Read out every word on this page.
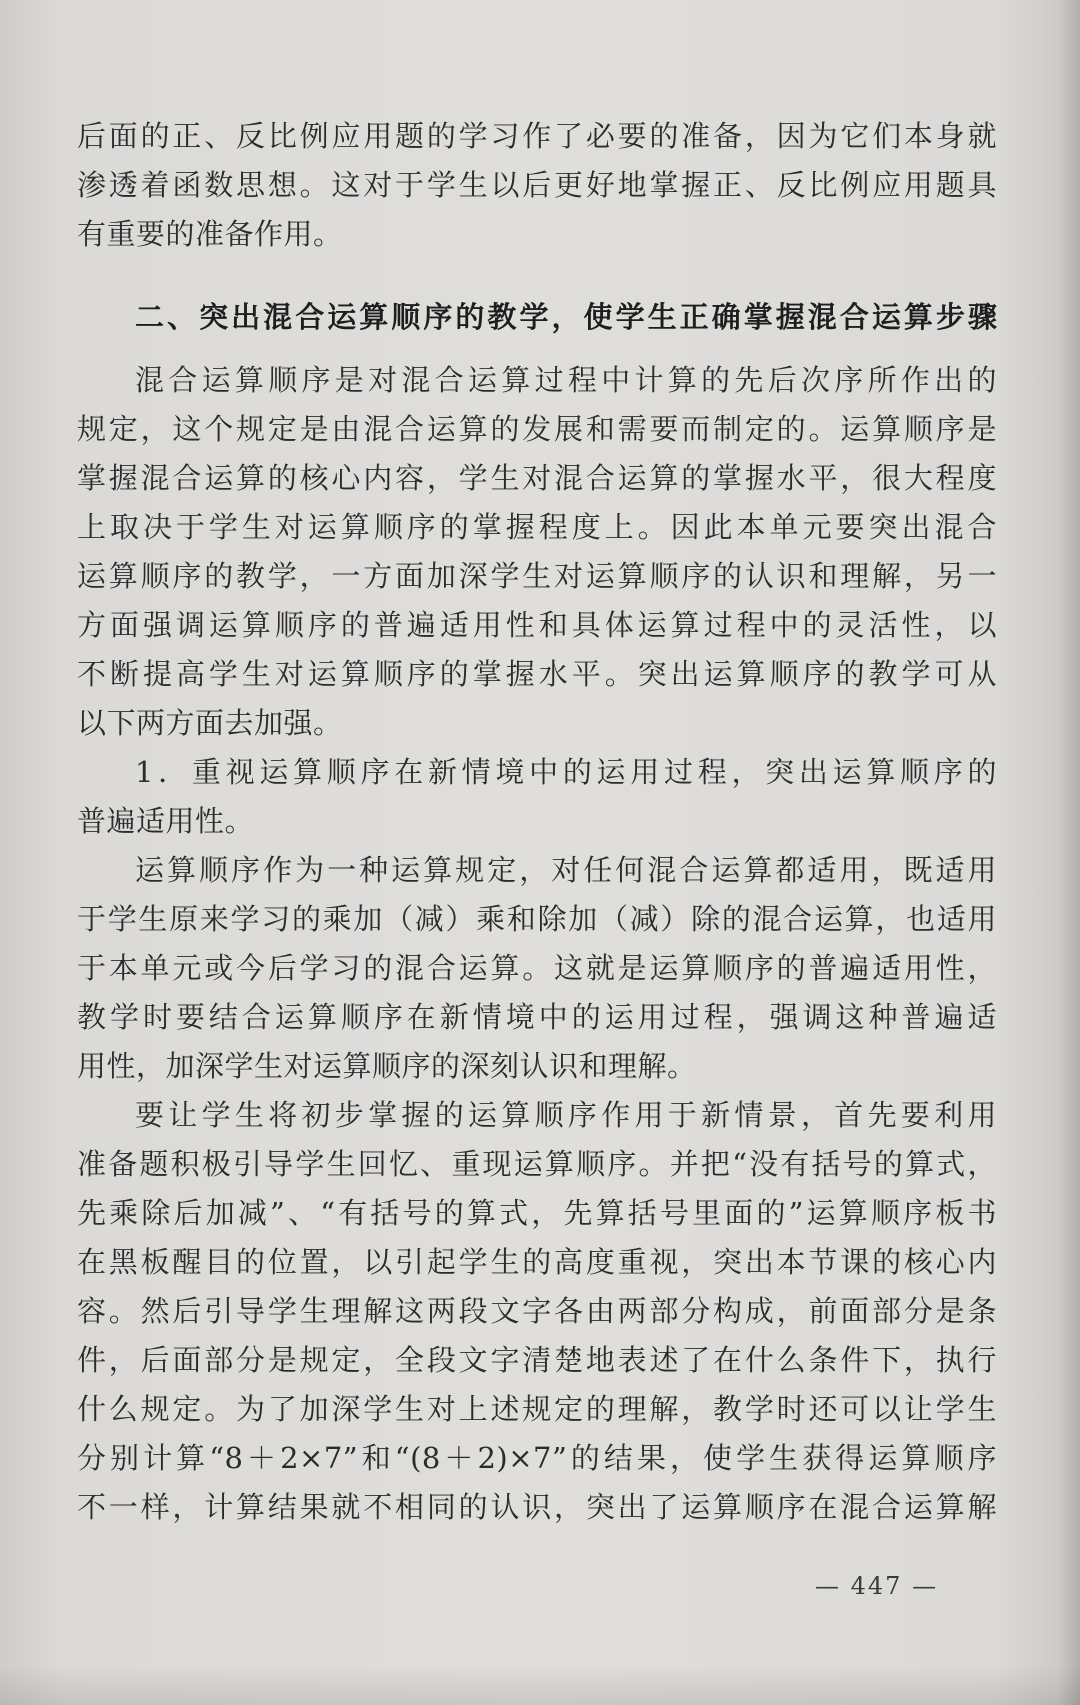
后面的正、反比例应用题的学习作了必要的准备，因为它们本身就
渗透着函数思想。这对于学生以后更好地掌握正、反比例应用题具
有重要的准备作用。
二、突出混合运算顺序的教学，使学生正确掌握混合运算步骤
混合运算顺序是对混合运算过程中计算的先后次序所作出的
规定，这个规定是由混合运算的发展和需要而制定的。运算顺序是
掌握混合运算的核心内容，学生对混合运算的掌握水平，很大程度
上取决于学生对运算顺序的掌握程度上。因此本单元要突出混合
运算顺序的教学，一方面加深学生对运算顺序的认识和理解，另一
方面强调运算顺序的普遍适用性和具体运算过程中的灵活性，以
不断提高学生对运算顺序的掌握水平。突出运算顺序的教学可从
以下两方面去加强。
1．重视运算顺序在新情境中的运用过程，突出运算顺序的
普遍适用性。
运算顺序作为一种运算规定，对任何混合运算都适用，既适用
于学生原来学习的乘加（减）乘和除加（减）除的混合运算，也适用
于本单元或今后学习的混合运算。这就是运算顺序的普遍适用性，
教学时要结合运算顺序在新情境中的运用过程，强调这种普遍适
用性，加深学生对运算顺序的深刻认识和理解。
要让学生将初步掌握的运算顺序作用于新情景，首先要利用
准备题积极引导学生回忆、重现运算顺序。并把“没有括号的算式，
先乘除后加减”、“有括号的算式，先算括号里面的”运算顺序板书
在黑板醒目的位置，以引起学生的高度重视，突出本节课的核心内
容。然后引导学生理解这两段文字各由两部分构成，前面部分是条
件，后面部分是规定，全段文字清楚地表述了在什么条件下，执行
什么规定。为了加深学生对上述规定的理解，教学时还可以让学生
分别计算“8＋2×7”和“(8＋2)×7”的结果，使学生获得运算顺序
不一样，计算结果就不相同的认识，突出了运算顺序在混合运算解
— 447 —
